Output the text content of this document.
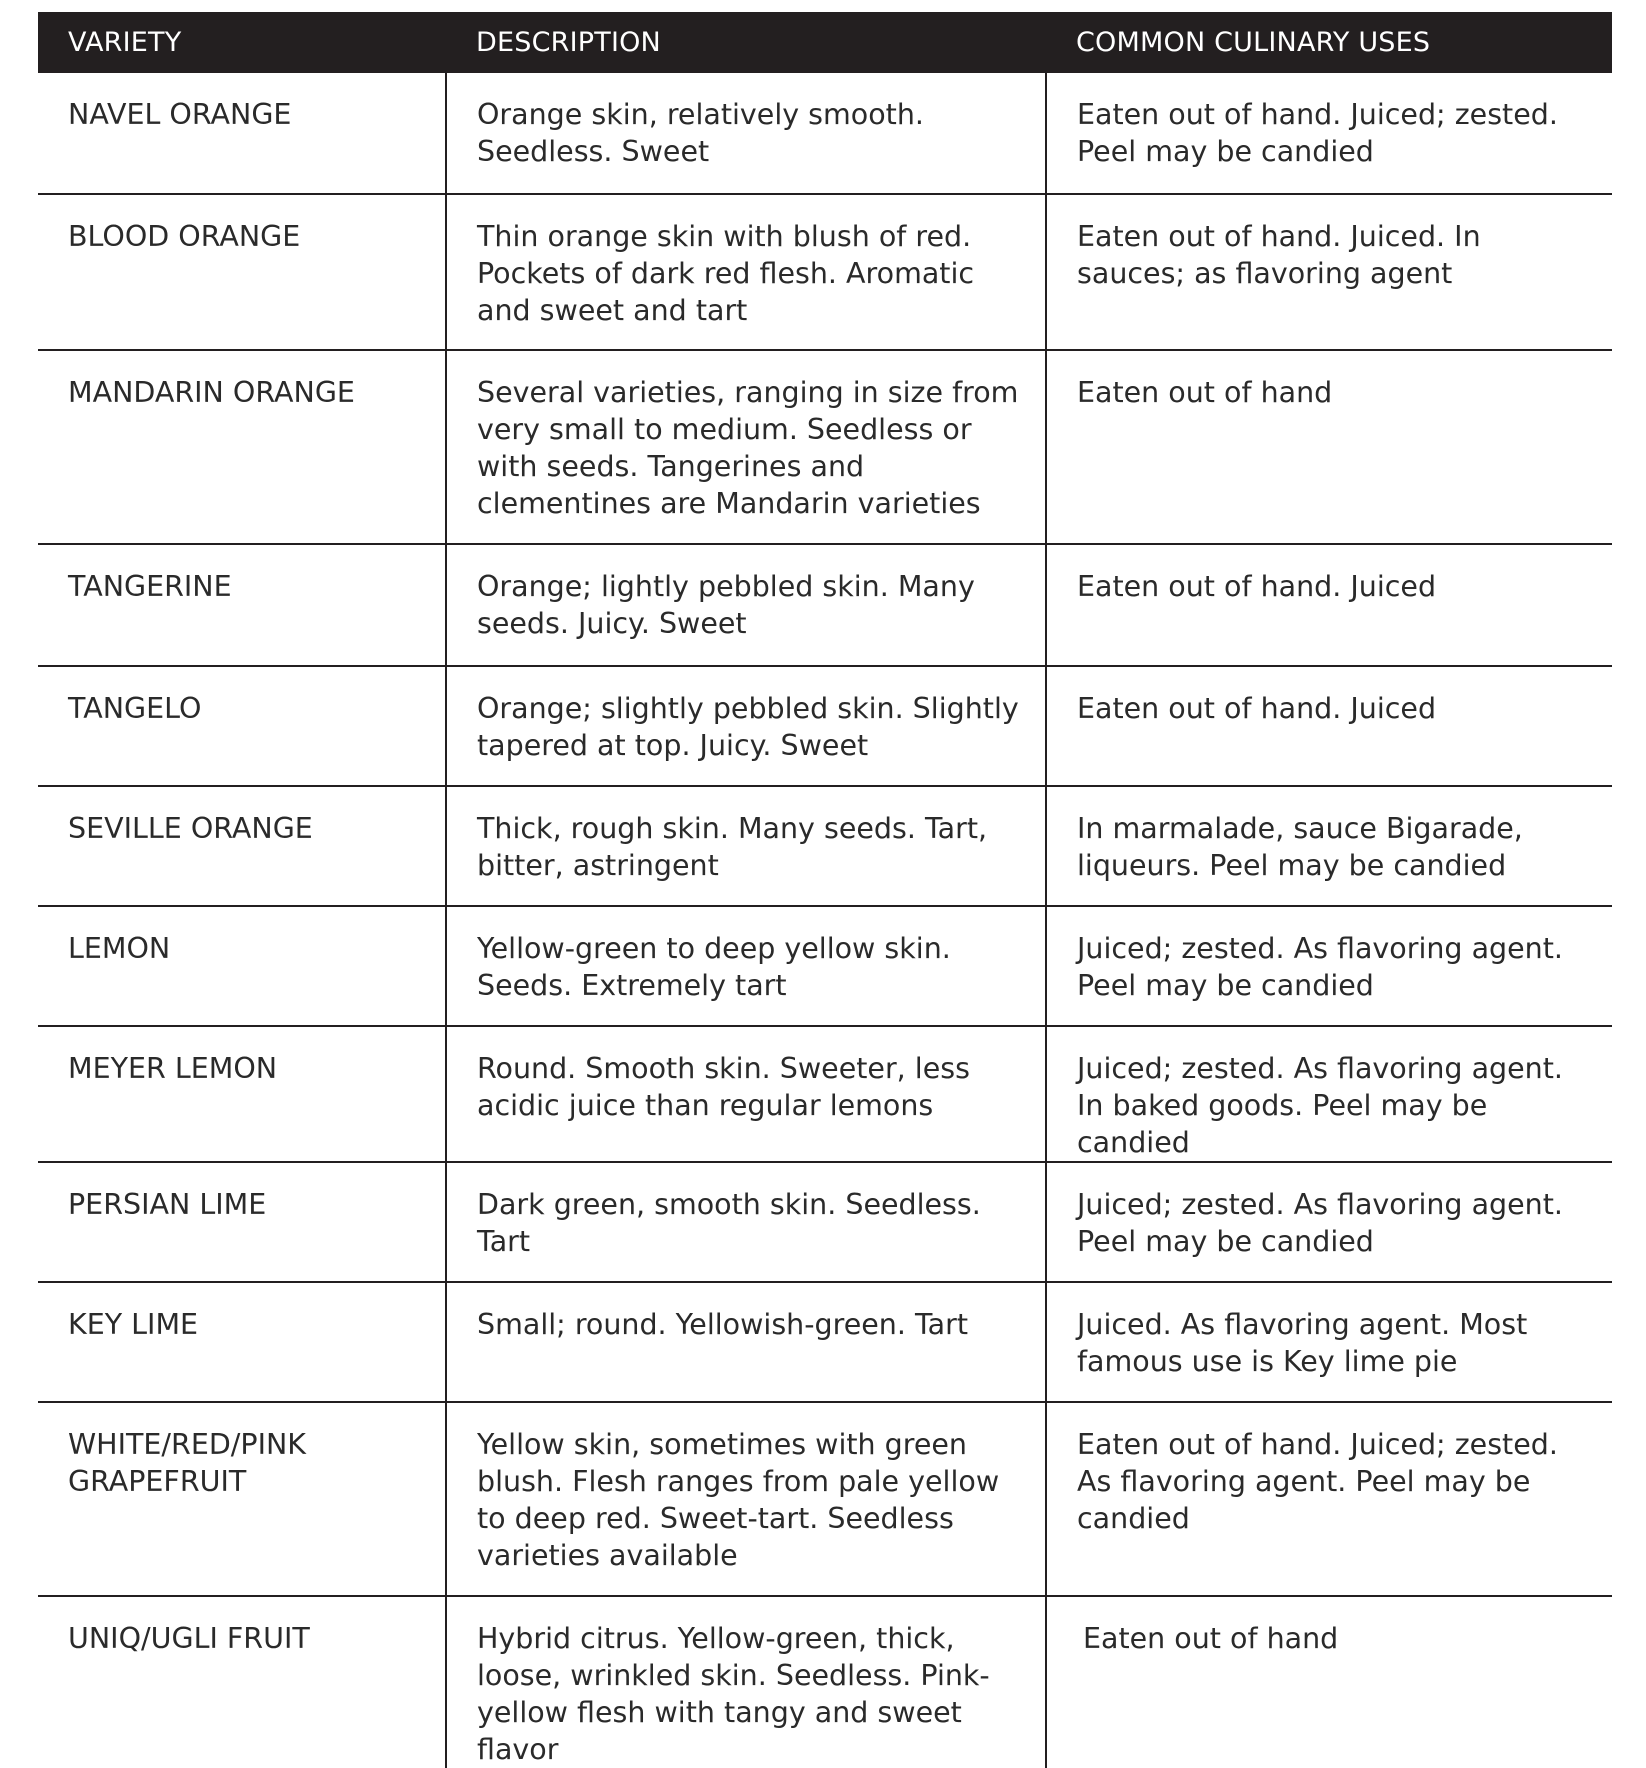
VARIETY	DESCRIPTION	COMMON CULINARY USES
NAVEL ORANGE	Orange skin, relatively smooth. Seedless. Sweet	Eaten out of hand. Juiced; zested. Peel may be candied
BLOOD ORANGE	Thin orange skin with blush of red. Pockets of dark red flesh. Aromatic and sweet and tart	Eaten out of hand. Juiced. In sauces; as flavoring agent
MANDARIN ORANGE	Several varieties, ranging in size from very small to medium. Seedless or with seeds. Tangerines and clementines are Mandarin varieties	Eaten out of hand
TANGERINE	Orange; lightly pebbled skin. Many seeds. Juicy. Sweet	Eaten out of hand. Juiced
TANGELO	Orange; slightly pebbled skin. Slightly tapered at top. Juicy. Sweet	Eaten out of hand. Juiced
SEVILLE ORANGE	Thick, rough skin. Many seeds. Tart, bitter, astringent	In marmalade, sauce Bigarade, liqueurs. Peel may be candied
LEMON	Yellow-green to deep yellow skin. Seeds. Extremely tart	Juiced; zested. As flavoring agent. Peel may be candied
MEYER LEMON	Round. Smooth skin. Sweeter, less acidic juice than regular lemons	Juiced; zested. As flavoring agent. In baked goods. Peel may be candied
PERSIAN LIME	Dark green, smooth skin. Seedless. Tart	Juiced; zested. As flavoring agent. Peel may be candied
KEY LIME	Small; round. Yellowish-green. Tart	Juiced. As flavoring agent. Most famous use is Key lime pie
WHITE/RED/PINK GRAPEFRUIT	Yellow skin, sometimes with green blush. Flesh ranges from pale yellow to deep red. Sweet-tart. Seedless varieties available	Eaten out of hand. Juiced; zested. As flavoring agent. Peel may be candied
UNIQ/UGLI FRUIT	Hybrid citrus. Yellow-green, thick, loose, wrinkled skin. Seedless. Pink-yellow flesh with tangy and sweet flavor	Eaten out of hand
